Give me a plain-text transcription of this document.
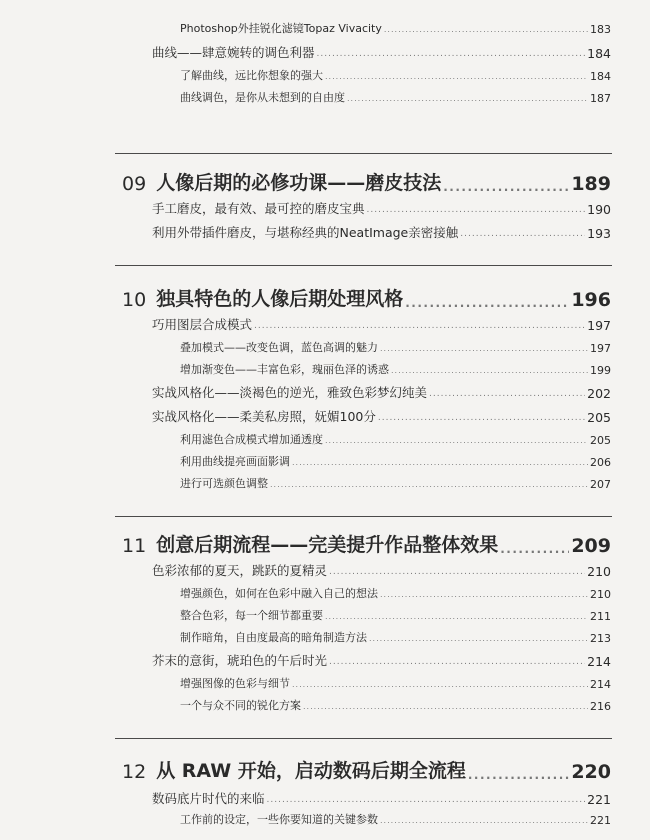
Photoshop外挂锐化滤镜Topaz Vivacity .....	183
曲线——肆意婉转的调色利器 .....	184
了解曲线，远比你想象的强大 .....	184
曲线调色，是你从未想到的自由度 .....	187
09 人像后期的必修功课——磨皮技法 .....	189
手工磨皮，最有效、最可控的磨皮宝典 .....	190
利用外带插件磨皮，与堪称经典的NeatImage亲密接触 .....	193
10 独具特色的人像后期处理风格 .....	196
巧用图层合成模式 .....	197
叠加模式——改变色调，蓝色高调的魅力 .....	197
增加渐变色——丰富色彩，瑰丽色泽的诱惑 .....	199
实战风格化——淡褐色的逆光，雅致色彩梦幻纯美 .....	202
实战风格化——柔美私房照，妩媚100分 .....	205
利用滤色合成模式增加通透度 .....	205
利用曲线提亮画面影调 .....	206
进行可选颜色调整 .....	207
11 创意后期流程——完美提升作品整体效果 .....	209
色彩浓郁的夏天，跳跃的夏精灵 .....	210
增强颜色，如何在色彩中融入自己的想法 .....	210
整合色彩，每一个细节都重要 .....	211
制作暗角，自由度最高的暗角制造方法 .....	213
芥末的意街，琥珀色的午后时光 .....	214
增强图像的色彩与细节 .....	214
一个与众不同的锐化方案 .....	216
12 从 RAW 开始，启动数码后期全流程 .....	220
数码底片时代的来临 .....	221
工作前的设定，一些你要知道的关键参数 .....	221
